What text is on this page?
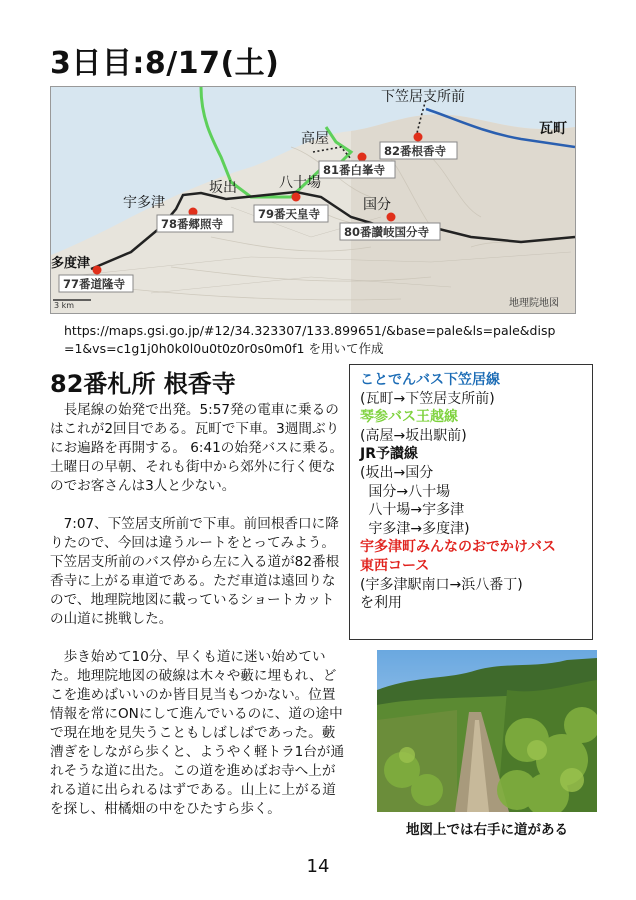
3日目:8/17(土)
82番根香寺
81番白峯寺
79番天皇寺
78番郷照寺
80番讃岐国分寺
77番道隆寺
下笠居支所前
瓦町
高屋
坂出	八十場
宇多津	国分
多度津
3 km	地理院地図
https://maps.gsi.go.jp/#12/34.323307/133.899651/&base=pale&ls=pale&disp=1&vs=c1g1j0h0k0l0u0t0z0r0s0m0f1 を用いて作成
82番札所 根香寺

長尾線の始発で出発。5:57発の電車に乗るのはこれが2回目である。瓦町で下車。3週間ぶりにお遍路を再開する。 6:41の始発バスに乗る。土曜日の早朝、それも街中から郊外に行く便なのでお客さんは3人と少ない。

7:07、下笠居支所前で下車。前回根香口に降りたので、今回は違うルートをとってみよう。下笠居支所前のバス停から左に入る道が82番根香寺に上がる車道である。ただ車道は遠回りなので、地理院地図に載っているショートカットの山道に挑戦した。

歩き始めて10分、早くも道に迷い始めていた。地理院地図の破線は木々や藪に埋もれ、どこを進めばいいのか皆目見当もつかない。位置情報を常にONにして進んでいるのに、道の途中で現在地を見失うこともしばしばであった。藪漕ぎをしながら歩くと、ようやく軽トラ1台が通れそうな道に出た。この道を進めばお寺へ上がれる道に出られるはずである。山上に上がる道を探し、柑橘畑の中をひたすら歩く。

ことでんバス下笠居線
(瓦町→下笠居支所前)
琴参バス王越線
(高屋→坂出駅前)
JR予讃線
(坂出→国分
国分→八十場
八十場→宇多津
宇多津→多度津)
宇多津町みんなのおでかけバス
東西コース
(宇多津駅南口→浜八番丁)
を利用
地図上では右手に道がある
14
